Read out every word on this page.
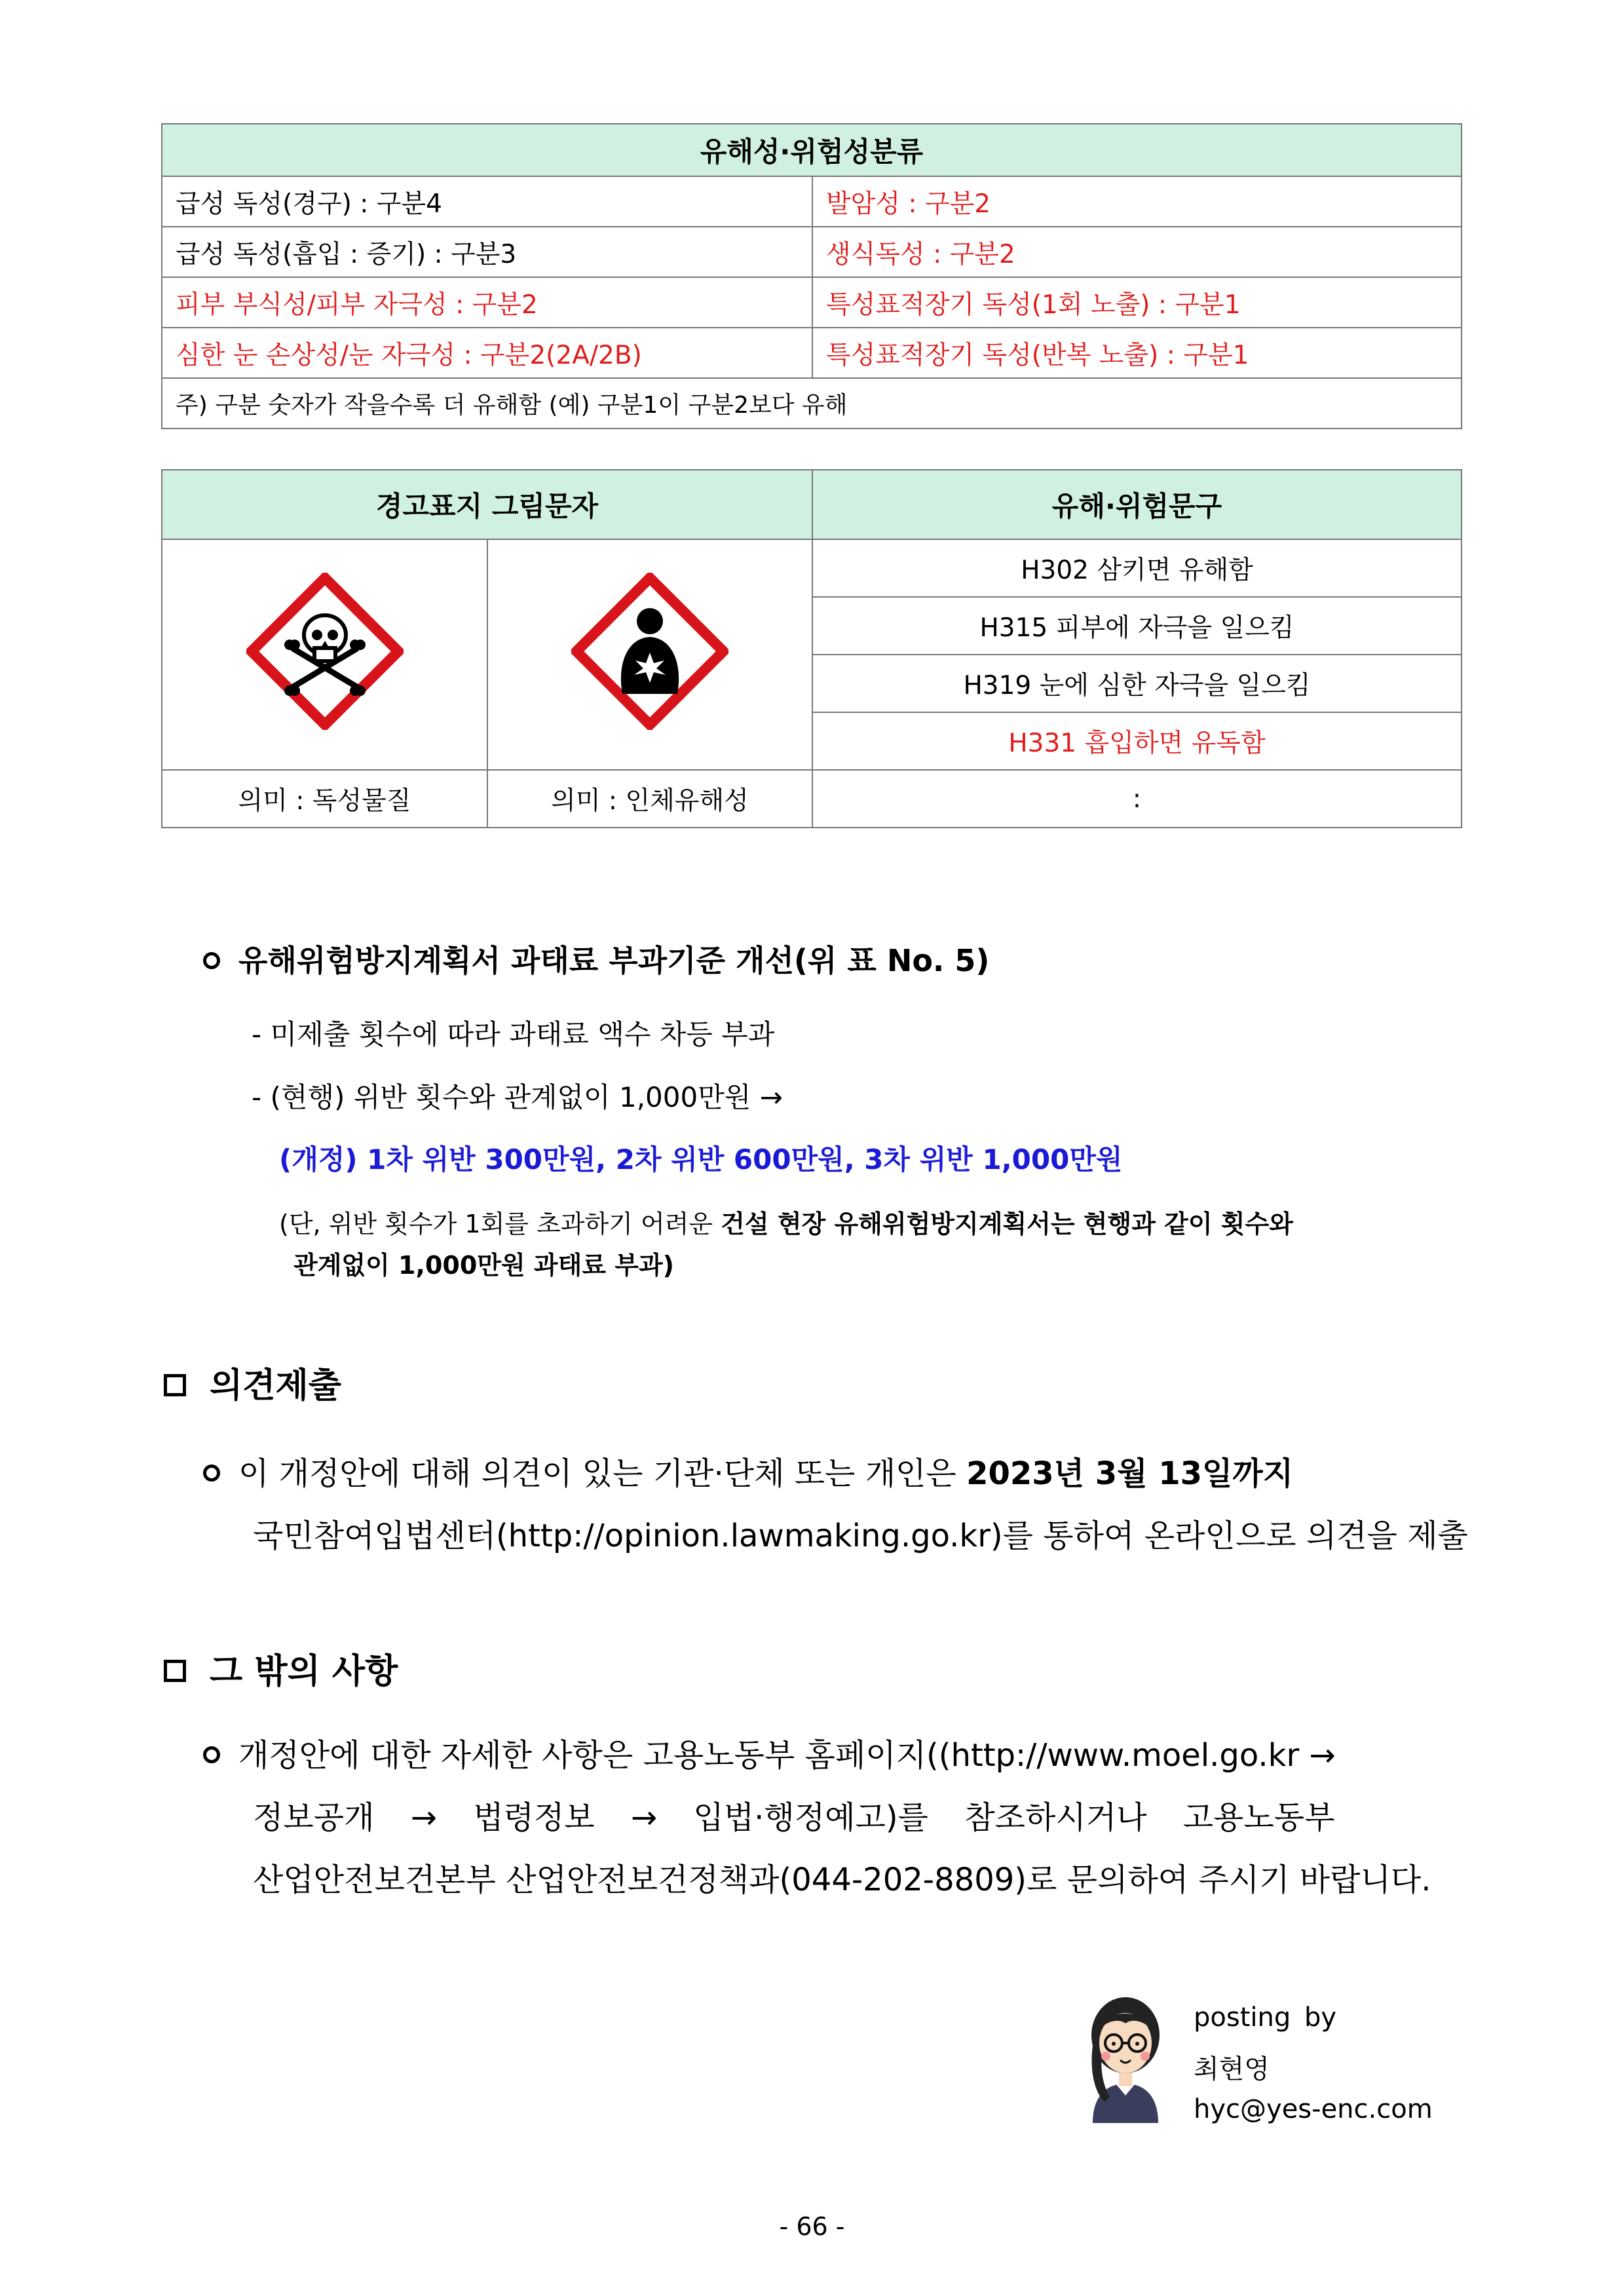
유해성·위험성분류	
급성 독성(경구) : 구분4	발암성 : 구분2
급성 독성(흡입 : 증기) : 구분3	생식독성 : 구분2
피부 부식성/피부 자극성 : 구분2	특성표적장기 독성(1회 노출) : 구분1
심한 눈 손상성/눈 자극성 : 구분2(2A/2B)	특성표적장기 독성(반복 노출) : 구분1
주) 구분 숫자가 작을수록 더 유해함 (예) 구분1이 구분2보다 유해	
경고표지 그림문자		유해·위험문구
		H302 삼키면 유해함
		H315 피부에 자극을 일으킴
		H319 눈에 심한 자극을 일으킴
		H331 흡입하면 유독함
의미 : 독성물질	의미 : 인체유해성	:
유해위험방지계획서 과태료 부과기준 개선(위 표 No. 5)
- 미제출 횟수에 따라 과태료 액수 차등 부과
- (현행) 위반 횟수와 관계없이 1,000만원 →
(개정) 1차 위반 300만원, 2차 위반 600만원, 3차 위반 1,000만원
(단, 위반 횟수가 1회를 초과하기 어려운 건설 현장 유해위험방지계획서는 현행과 같이 횟수와
관계없이 1,000만원 과태료 부과)
의견제출
이 개정안에 대해 의견이 있는 기관·단체 또는 개인은 2023년 3월 13일까지
국민참여입법센터(http://opinion.lawmaking.go.kr)를 통하여 온라인으로 의견을 제출
그 밖의 사항
개정안에 대한 자세한 사항은 고용노동부 홈페이지((http://www.moel.go.kr →
정보공개 → 법령정보 → 입법·행정예고)를 참조하시거나 고용노동부
산업안전보건본부 산업안전보건정책과(044-202-8809)로 문의하여 주시기 바랍니다.
posting by
최현영
hyc@yes-enc.com
- 66 -
